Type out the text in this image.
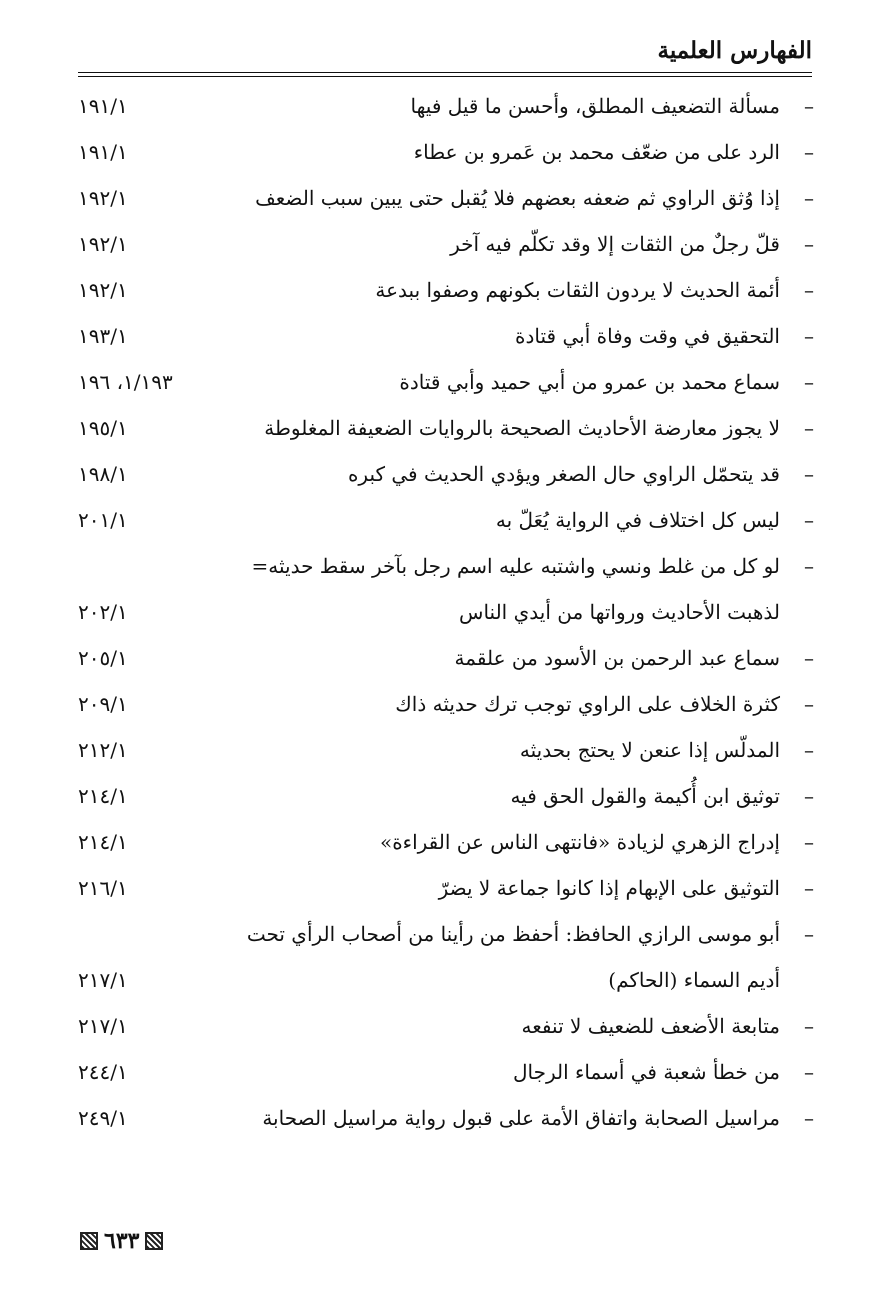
الفهارس العلمية
–
مسألة التضعيف المطلق، وأحسن ما قيل فيها
١٩١/١
–
الرد على من ضعّف محمد بن عَمرو بن عطاء
١٩١/١
–
إذا وُثق الراوي ثم ضعفه بعضهم فلا يُقبل حتى يبين سبب الضعف
١٩٢/١
–
قلّ رجلٌ من الثقات إلا وقد تكلّم فيه آخر
١٩٢/١
–
أئمة الحديث لا يردون الثقات بكونهم وصفوا ببدعة
١٩٢/١
–
التحقيق في وقت وفاة أبي قتادة
١٩٣/١
–
سماع محمد بن عمرو من أبي حميد وأبي قتادة
١/١٩٣، ١٩٦
–
لا يجوز معارضة الأحاديث الصحيحة بالروايات الضعيفة المغلوطة
١٩٥/١
–
قد يتحمّل الراوي حال الصغر ويؤدي الحديث في كبره
١٩٨/١
–
ليس كل اختلاف في الرواية يُعَلّ به
٢٠١/١
–
لو كل من غلط ونسي واشتبه عليه اسم رجل بآخر سقط حديثه=
لذهبت الأحاديث ورواتها من أيدي الناس
٢٠٢/١
–
سماع عبد الرحمن بن الأسود من علقمة
٢٠٥/١
–
كثرة الخلاف على الراوي توجب ترك حديثه ذاك
٢٠٩/١
–
المدلّس إذا عنعن لا يحتج بحديثه
٢١٢/١
–
توثيق ابن أُكيمة والقول الحق فيه
٢١٤/١
–
إدراج الزهري لزيادة «فانتهى الناس عن القراءة»
٢١٤/١
–
التوثيق على الإبهام إذا كانوا جماعة لا يضرّ
٢١٦/١
–
أبو موسى الرازي الحافظ: أحفظ من رأينا من أصحاب الرأي تحت
أديم السماء (الحاكم)
٢١٧/١
–
متابعة الأضعف للضعيف لا تنفعه
٢١٧/١
–
من خطأ شعبة في أسماء الرجال
٢٤٤/١
–
مراسيل الصحابة واتفاق الأمة على قبول رواية مراسيل الصحابة
٢٤٩/١
٦٣٣
